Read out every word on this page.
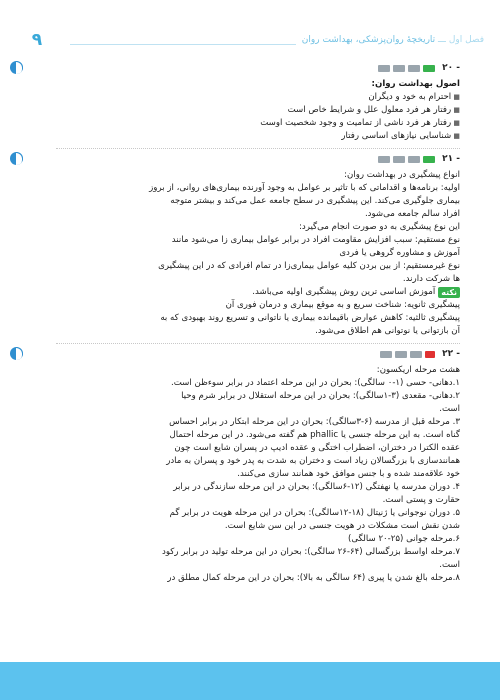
فصل اول ـــ تاریخچهٔ روان‌پزشکی، بهداشت روان
۹
۲۰ -
اصول بهداشت روان:
■ احترام به خود و دیگران
■ رفتار هر فرد معلول علل و شرایط خاص است
■ رفتار هر فرد ناشی از تمامیت و وجود شخصیت اوست
■ شناسایی نیازهای اساسی رفتار
۲۱ -
انواع پیشگیری در بهداشت روان:
اولیه: برنامه‌ها و اقداماتی که با تاثیر بر عوامل به وجود آورنده بیماری‌های روانی، از بروز
بیماری جلوگیری می‌کند. این پیشگیری در سطح جامعه عمل می‌کند و بیشتر متوجه
افراد سالم جامعه می‌شود.
این نوع پیشگیری به دو صورت انجام می‌گیرد:
نوع مستقیم: سبب افزایش مقاومت افراد در برابر عوامل بیماری زا می‌شود مانند
آموزش و مشاوره گروهی یا فردی
نوع غیرمستقیم: از بین بردن کلیه عوامل بیماری‌زا در تمام افرادی که در این پیشگیری
ها شرکت دارند.
نکته
آموزش اساسی ترین روش پیشگیری اولیه می‌باشد.
پیشگیری ثانویه: شناخت سریع و به موقع بیماری و درمان فوری آن
پیشگیری ثالثیه: کاهش عوارض باقیمانده بیماری یا ناتوانی و تسریع روند بهبودی که به
آن بازتوانی یا نوتوانی هم اطلاق می‌شود.
۲۲ -
هشت مرحله اریکسون:
۱.دهانی- حسی (۱-۰ سالگی): بحران در این مرحله اعتماد در برابر سوءظن است.
۲.دهانی- مقعدی (۳-۱سالگی): بحران در این مرحله استقلال در برابر شرم وحیا
است.
۳. مرحله قبل از مدرسه (۶-۳سالگی): بحران در این مرحله ابتکار در برابر احساس
گناه است. به این مرحله جنسی یا phallic هم گفته می‌شود. در این مرحله احتمال
عقده الکترا در دختران، اضطراب اختگی و عقده ادیپ در پسران شایع است چون
همانندسازی با بزرگسالان زیاد است و دختران به شدت به پدر خود و پسران به مادر
خود علاقه‌مند شده و با جنس موافق خود همانند سازی می‌کنند.
۴. دوران مدرسه یا نهفتگی (۱۲-۶سالگی): بحران در این مرحله سازندگی در برابر
حقارت و پستی است.
۵. دوران نوجوانی یا ژنیتال (۱۸-۱۲سالگی): بحران در این مرحله هویت در برابر گم
شدن نقش است مشکلات در هویت جنسی در این سن شایع است.
۶.مرحله جوانی (۲۵-۲۰ سالگی)
۷.مرحله اواسط بزرگسالی (۶۴-۲۶ سالگی): بحران در این مرحله تولید در برابر رکود
است.
۸.مرحله بالغ شدن یا پیری (۶۴ سالگی به بالا): بحران در این مرحله کمال مطلق در
